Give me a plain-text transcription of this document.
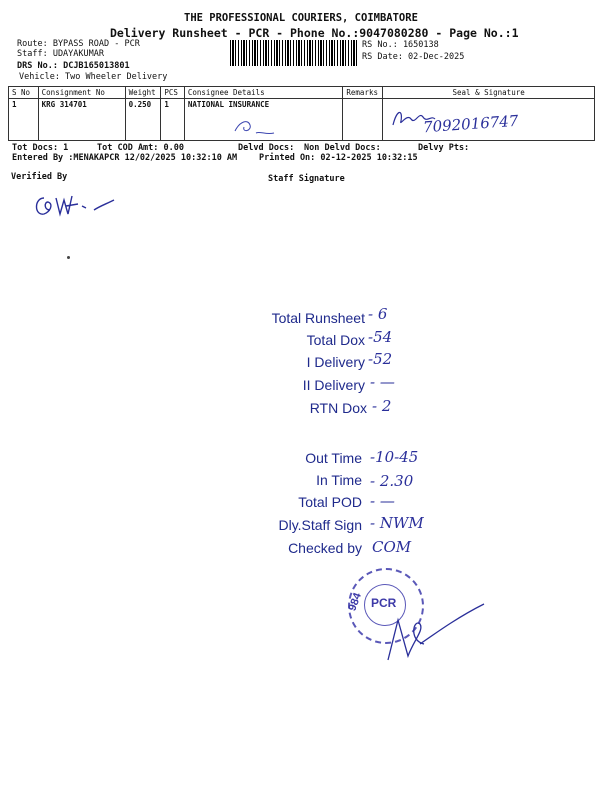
THE PROFESSIONAL COURIERS, COIMBATORE
Delivery Runsheet - PCR - Phone No.:9047080280 - Page No.:1
Route: BYPASS ROAD - PCR
Staff: UDAYAKUMAR
DRS No.: DCJB165013801
Vehicle: Two Wheeler Delivery
RS No.: 1650138
RS Date: 02-Dec-2025
S No	Consignment No	Weight	PCS	Consignee Details	Remarks	Seal & Signature
1	KRG 314701	0.250	1	NATIONAL INSURANCE		7092016747
Tot Docs: 1	Tot COD Amt: 0.00	Delvd Docs: Non Delvd Docs:	Delvy Pts:
Entered By :MENAKAPCR 12/02/2025 10:32:10 AM	Printed On: 02-12-2025 10:32:15
Verified By	Staff Signature
Total Runsheet - 6
Total Dox -54
I Delivery -52
II Delivery - —
RTN Dox - 2
Out Time -10-45
In Time - 2.30
Total POD - —
Dly.Staff Sign - NWM
Checked by COM
PCR
984
